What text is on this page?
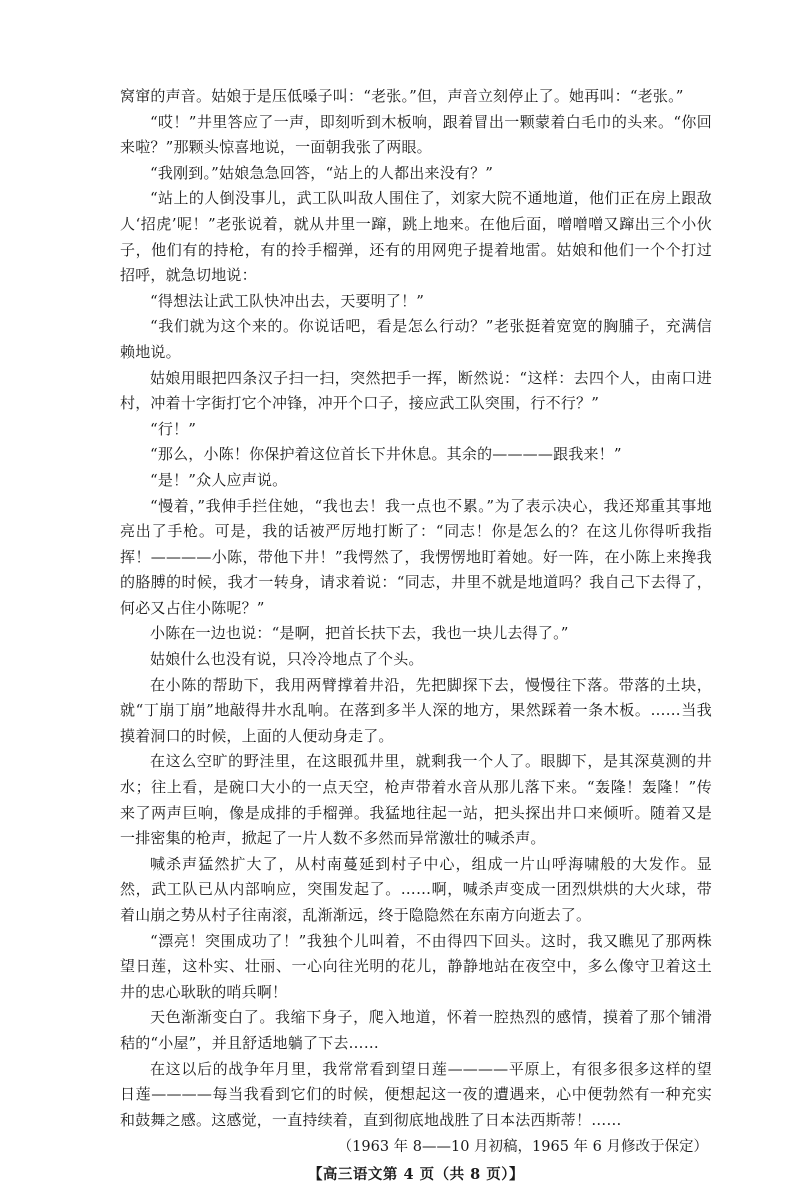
窝窜的声音。姑娘于是压低嗓子叫：“老张。”但，声音立刻停止了。她再叫：“老张。”

“哎！”井里答应了一声，即刻听到木板响，跟着冒出一颗蒙着白毛巾的头来。“你回来啦？”那颗头惊喜地说，一面朝我张了两眼。

“我刚到。”姑娘急急回答，“站上的人都出来没有？”

“站上的人倒没事儿，武工队叫敌人围住了，刘家大院不通地道，他们正在房上跟敌人‘招虎’呢！”老张说着，就从井里一蹿，跳上地来。在他后面，噌噌噌又蹿出三个小伙子，他们有的持枪，有的拎手榴弹，还有的用网兜子提着地雷。姑娘和他们一个个打过招呼，就急切地说：

“得想法让武工队快冲出去，天要明了！”

“我们就为这个来的。你说话吧，看是怎么行动？”老张挺着宽宽的胸脯子，充满信赖地说。

姑娘用眼把四条汉子扫一扫，突然把手一挥，断然说：“这样：去四个人，由南口进村，冲着十字街打它个冲锋，冲开个口子，接应武工队突围，行不行？”

“行！”

“那么，小陈！你保护着这位首长下井休息。其余的————跟我来！”

“是！”众人应声说。

“慢着，”我伸手拦住她，“我也去！我一点也不累。”为了表示决心，我还郑重其事地亮出了手枪。可是，我的话被严厉地打断了：“同志！你是怎么的？在这儿你得听我指挥！————小陈，带他下井！”我愕然了，我愣愣地盯着她。好一阵，在小陈上来搀我的胳膊的时候，我才一转身，请求着说：“同志，井里不就是地道吗？我自己下去得了，何必又占住小陈呢？”

小陈在一边也说：“是啊，把首长扶下去，我也一块儿去得了。”

姑娘什么也没有说，只冷冷地点了个头。

在小陈的帮助下，我用两臂撑着井沿，先把脚探下去，慢慢往下落。带落的土块，就“丁崩丁崩”地敲得井水乱响。在落到多半人深的地方，果然踩着一条木板。……当我摸着洞口的时候，上面的人便动身走了。

在这么空旷的野洼里，在这眼孤井里，就剩我一个人了。眼脚下，是其深莫测的井水；往上看，是碗口大小的一点天空，枪声带着水音从那儿落下来。“轰隆！轰隆！”传来了两声巨响，像是成排的手榴弹。我猛地往起一站，把头探出井口来倾听。随着又是一排密集的枪声，掀起了一片人数不多然而异常激壮的喊杀声。

喊杀声猛然扩大了，从村南蔓延到村子中心，组成一片山呼海啸般的大发作。显然，武工队已从内部响应，突围发起了。……啊，喊杀声变成一团烈烘烘的大火球，带着山崩之势从村子往南滚，乱渐渐远，终于隐隐然在东南方向逝去了。

“漂亮！突围成功了！”我独个儿叫着，不由得四下回头。这时，我又瞧见了那两株望日莲，这朴实、壮丽、一心向往光明的花儿，静静地站在夜空中，多么像守卫着这土井的忠心耿耿的哨兵啊！

天色渐渐变白了。我缩下身子，爬入地道，怀着一腔热烈的感情，摸着了那个铺滑秸的“小屋”，并且舒适地躺了下去……

在这以后的战争年月里，我常常看到望日莲————平原上，有很多很多这样的望日莲————每当我看到它们的时候，便想起这一夜的遭遇来，心中便勃然有一种充实和鼓舞之感。这感觉，一直持续着，直到彻底地战胜了日本法西斯蒂！……

（1963 年 8——10 月初稿，1965 年 6 月修改于保定）

【高三语文第 4 页（共 8 页）】
